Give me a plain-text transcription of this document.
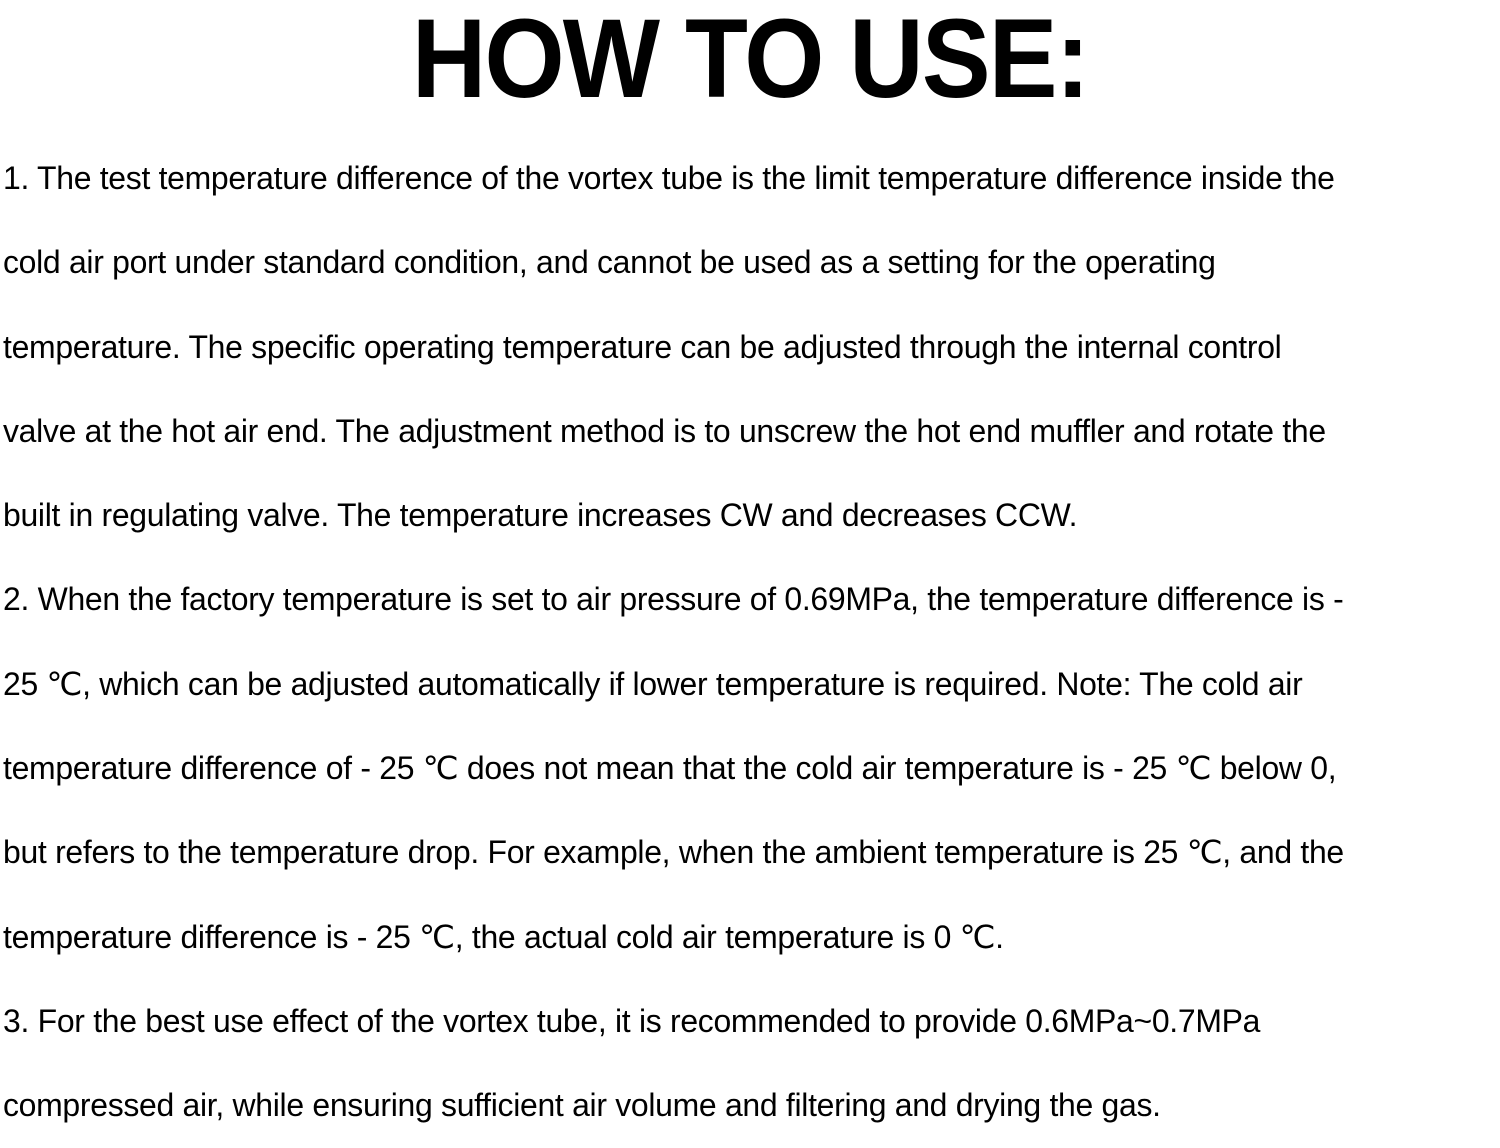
HOW TO USE:
1. The test temperature difference of the vortex tube is the limit temperature difference inside the
cold air port under standard condition, and cannot be used as a setting for the operating
temperature. The specific operating temperature can be adjusted through the internal control
valve at the hot air end. The adjustment method is to unscrew the hot end muffler and rotate the
built in regulating valve. The temperature increases CW and decreases CCW.
2. When the factory temperature is set to air pressure of 0.69MPa, the temperature difference is -
25 ℃, which can be adjusted automatically if lower temperature is required. Note: The cold air
temperature difference of - 25 ℃ does not mean that the cold air temperature is - 25 ℃ below 0,
but refers to the temperature drop. For example, when the ambient temperature is 25 ℃, and the
temperature difference is - 25 ℃, the actual cold air temperature is 0 ℃.
3. For the best use effect of the vortex tube, it is recommended to provide 0.6MPa~0.7MPa
compressed air, while ensuring sufficient air volume and filtering and drying the gas.
